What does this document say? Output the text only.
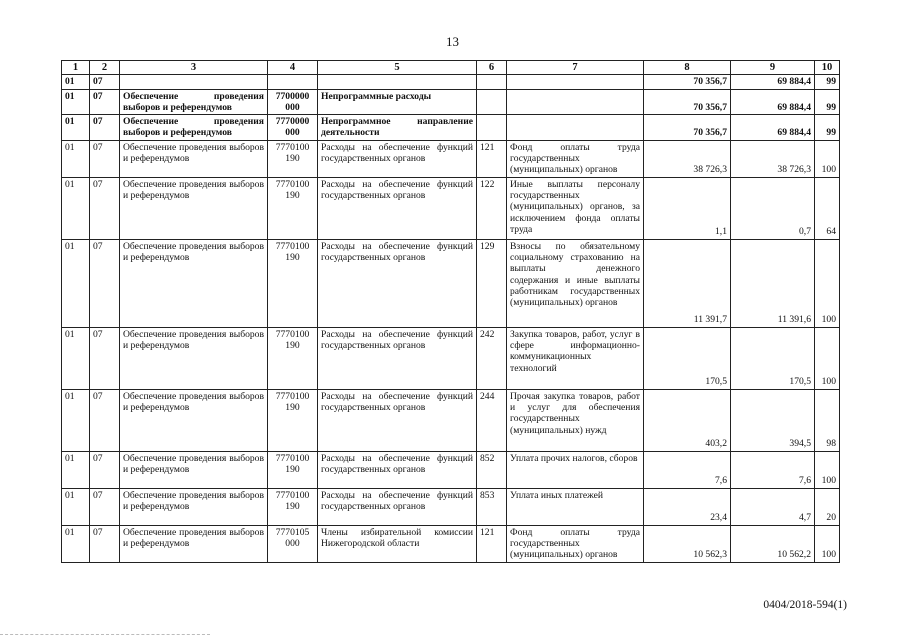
13
1	2	3	4	5	6	7	8	9	10
01	07						70 356,7	69 884,4	99
01	07	Обеспечение проведения выборов и референдумов	7700000 000	Непрограммные расходы			70 356,7	69 884,4	99
01	07	Обеспечение проведения выборов и референдумов	7770000 000	Непрограммное направление деятельности			70 356,7	69 884,4	99
01	07	Обеспечение проведения выборов и референдумов	7770100 190	Расходы на обеспечение функций государственных органов	121	Фонд оплаты труда государственных (муниципальных) органов	38 726,3	38 726,3	100
01	07	Обеспечение проведения выборов и референдумов	7770100 190	Расходы на обеспечение функций государственных органов	122	Иные выплаты персоналу государственных (муниципальных) органов, за исключением фонда оплаты труда	1,1	0,7	64
01	07	Обеспечение проведения выборов и референдумов	7770100 190	Расходы на обеспечение функций государственных органов	129	Взносы по обязательному социальному страхованию на выплаты денежного содержания и иные выплаты работникам государственных (муниципальных) органов	11 391,7	11 391,6	100
01	07	Обеспечение проведения выборов и референдумов	7770100 190	Расходы на обеспечение функций государственных органов	242	Закупка товаров, работ, услуг в сфере информационно-коммуникационных технологий	170,5	170,5	100
01	07	Обеспечение проведения выборов и референдумов	7770100 190	Расходы на обеспечение функций государственных органов	244	Прочая закупка товаров, работ и услуг для обеспечения государственных (муниципальных) нужд	403,2	394,5	98
01	07	Обеспечение проведения выборов и референдумов	7770100 190	Расходы на обеспечение функций государственных органов	852	Уплата прочих налогов, сборов	7,6	7,6	100
01	07	Обеспечение проведения выборов и референдумов	7770100 190	Расходы на обеспечение функций государственных органов	853	Уплата иных платежей	23,4	4,7	20
01	07	Обеспечение проведения выборов и референдумов	7770105 000	Члены избирательной комиссии Нижегородской области	121	Фонд оплаты труда государственных (муниципальных) органов	10 562,3	10 562,2	100
0404/2018-594(1)
